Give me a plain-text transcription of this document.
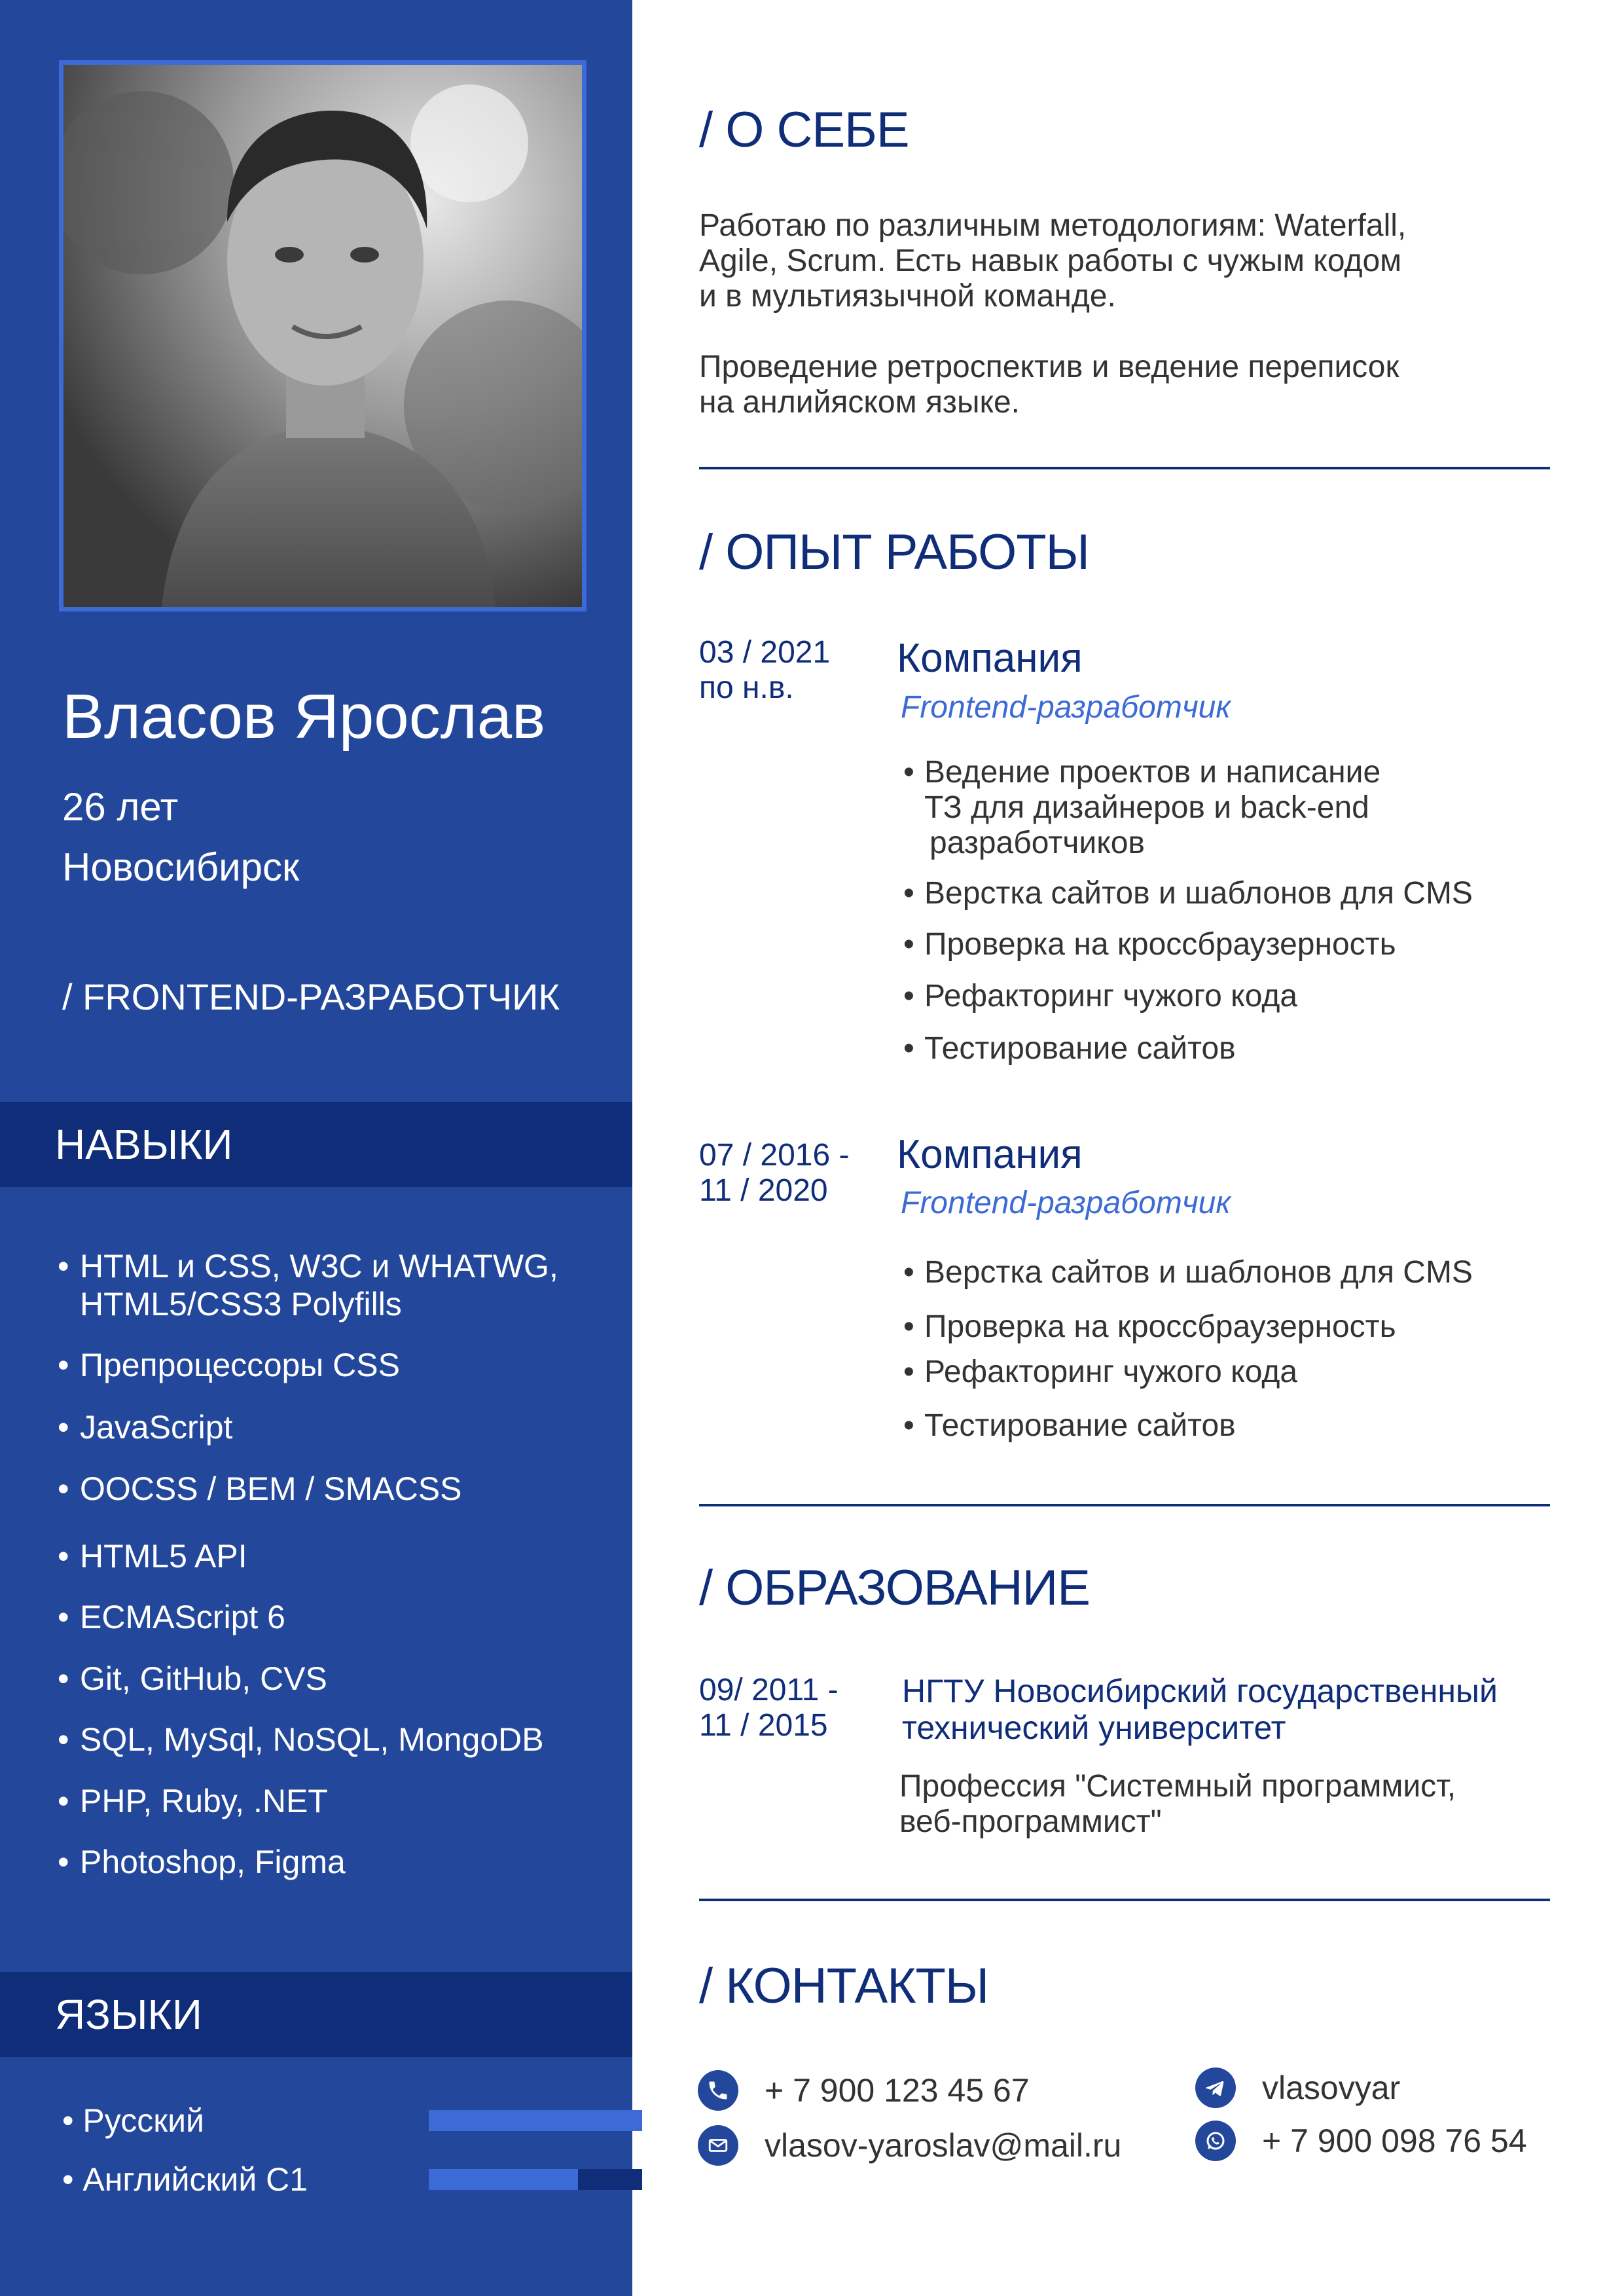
Власов Ярослав
26 лет
Новосибирск
/ FRONTEND-РАЗРАБОТЧИК
НАВЫКИ
• HTML и CSS, W3C и WHATWG,
HTML5/CSS3 Polyfills
• Препроцессоры CSS
• JavaScript
• OOCSS / BEM / SMACSS
• HTML5 API
• ECMAScript 6
• Git, GitHub, CVS
• SQL, MySql, NoSQL, MongoDB
• PHP, Ruby, .NET
• Photoshop, Figma
ЯЗЫКИ
• Русский
• Английский С1
/ О СЕБЕ
Работаю по различным методологиям: Waterfall,
Agile, Scrum. Есть навык работы с чужым кодом
и в мультиязычной команде.
Проведение ретроспектив и ведение переписок
на анлийяском языке.
/ ОПЫТ РАБОТЫ
03 / 2021
по н.в.
Компания
Frontend-разработчик
• Ведение проектов и написание
ТЗ для дизайнеров и back-end
разработчиков
• Верстка сайтов и шаблонов для CMS
• Проверка на кроссбраузерность
• Рефакторинг чужого кода
• Тестирование сайтов
07 / 2016 -
11 / 2020
Компания
Frontend-разработчик
• Верстка сайтов и шаблонов для CMS
• Проверка на кроссбраузерность
• Рефакторинг чужого кода
• Тестирование сайтов
/ ОБРАЗОВАНИЕ
09/ 2011 -
11 / 2015
НГТУ Новосибирский государственный
технический университет
Профессия "Системный программист,
веб-программист"
/ КОНТАКТЫ
+ 7 900 123 45 67
vlasov-yaroslav@mail.ru
vlasovyar
+ 7 900 098 76 54
